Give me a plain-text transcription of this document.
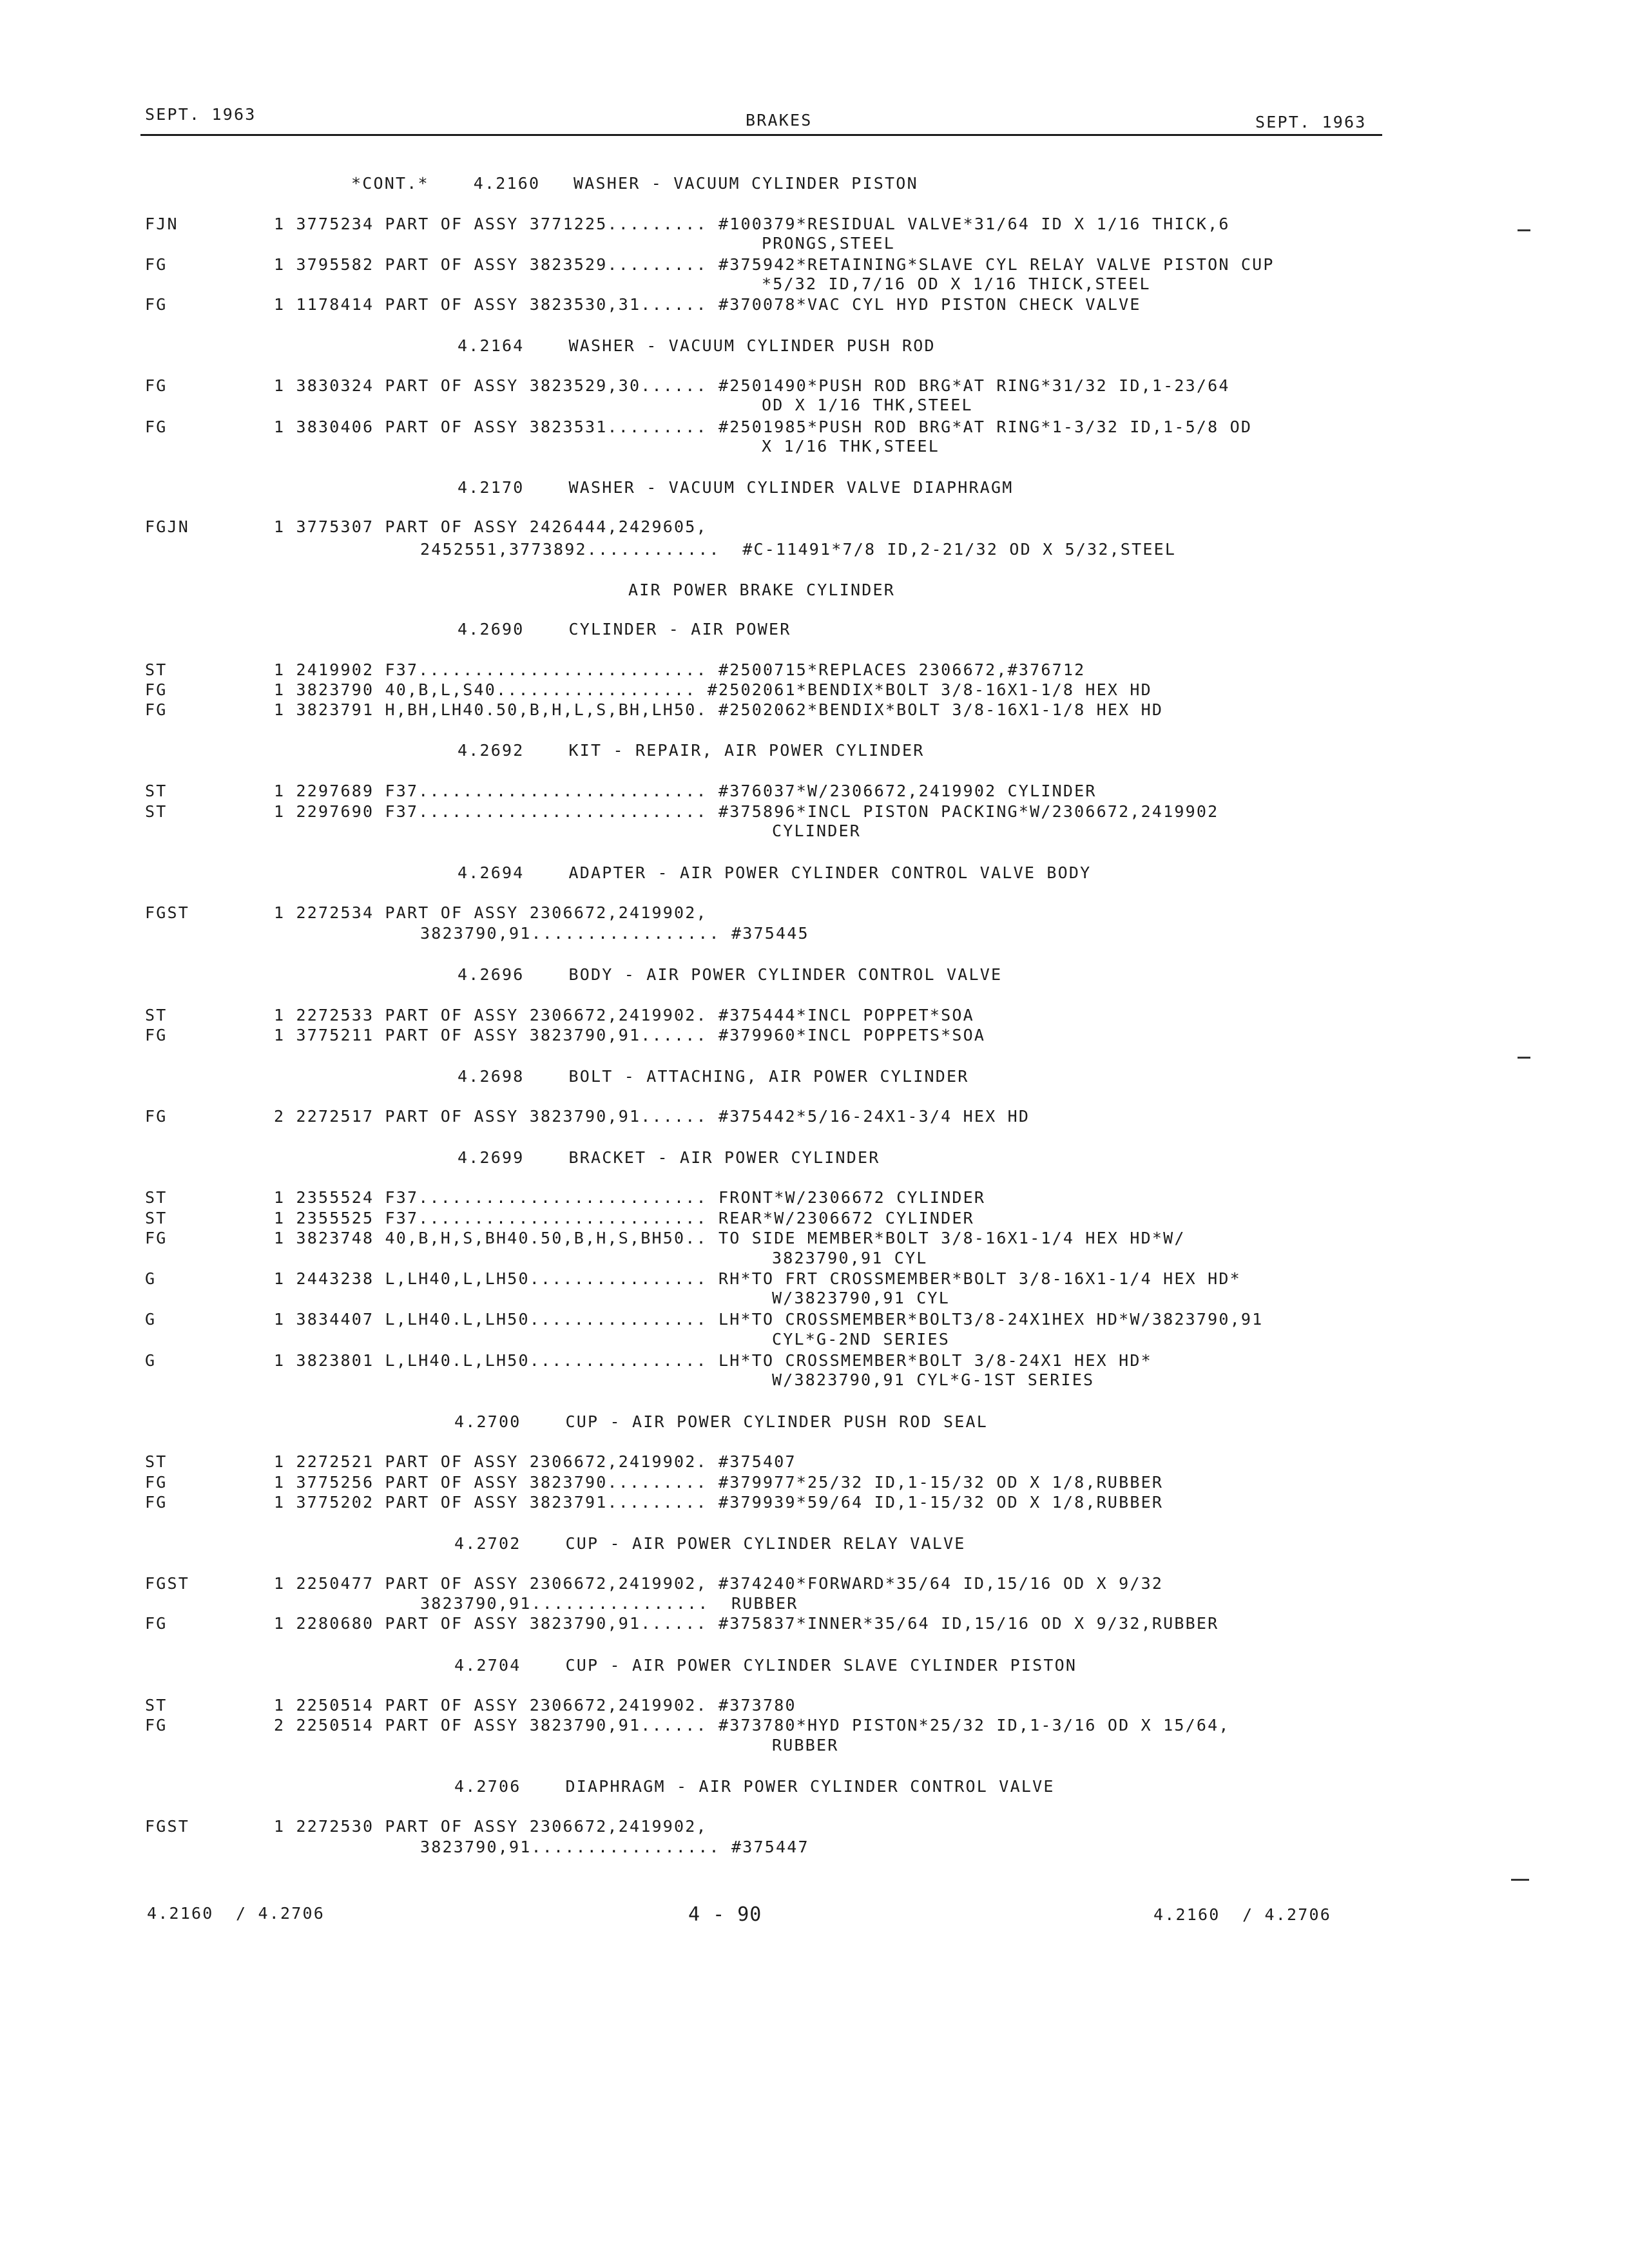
SEPT. 1963	BRAKES	SEPT. 1963
*CONT.*    4.2160   WASHER - VACUUM CYLINDER PISTON
FJN	1 3775234 PART OF ASSY 3771225......... #100379*RESIDUAL VALVE*31/64 ID X 1/16 THICK,6
PRONGS,STEEL
FG	1 3795582 PART OF ASSY 3823529......... #375942*RETAINING*SLAVE CYL RELAY VALVE PISTON CUP
*5/32 ID,7/16 OD X 1/16 THICK,STEEL
FG	1 1178414 PART OF ASSY 3823530,31...... #370078*VAC CYL HYD PISTON CHECK VALVE
4.2164    WASHER - VACUUM CYLINDER PUSH ROD
FG	1 3830324 PART OF ASSY 3823529,30...... #2501490*PUSH ROD BRG*AT RING*31/32 ID,1-23/64
OD X 1/16 THK,STEEL
FG	1 3830406 PART OF ASSY 3823531......... #2501985*PUSH ROD BRG*AT RING*1-3/32 ID,1-5/8 OD
X 1/16 THK,STEEL
4.2170    WASHER - VACUUM CYLINDER VALVE DIAPHRAGM
FGJN	1 3775307 PART OF ASSY 2426444,2429605,
2452551,3773892............  #C-11491*7/8 ID,2-21/32 OD X 5/32,STEEL
AIR POWER BRAKE CYLINDER
4.2690    CYLINDER - AIR POWER
ST	1 2419902 F37.......................... #2500715*REPLACES 2306672,#376712
FG	1 3823790 40,B,L,S40.................. #2502061*BENDIX*BOLT 3/8-16X1-1/8 HEX HD
FG	1 3823791 H,BH,LH40.50,B,H,L,S,BH,LH50. #2502062*BENDIX*BOLT 3/8-16X1-1/8 HEX HD
4.2692    KIT - REPAIR, AIR POWER CYLINDER
ST	1 2297689 F37.......................... #376037*W/2306672,2419902 CYLINDER
ST	1 2297690 F37.......................... #375896*INCL PISTON PACKING*W/2306672,2419902
CYLINDER
4.2694    ADAPTER - AIR POWER CYLINDER CONTROL VALVE BODY
FGST	1 2272534 PART OF ASSY 2306672,2419902,
3823790,91................. #375445
4.2696    BODY - AIR POWER CYLINDER CONTROL VALVE
ST	1 2272533 PART OF ASSY 2306672,2419902. #375444*INCL POPPET*SOA
FG	1 3775211 PART OF ASSY 3823790,91...... #379960*INCL POPPETS*SOA
4.2698    BOLT - ATTACHING, AIR POWER CYLINDER
FG	2 2272517 PART OF ASSY 3823790,91...... #375442*5/16-24X1-3/4 HEX HD
4.2699    BRACKET - AIR POWER CYLINDER
ST	1 2355524 F37.......................... FRONT*W/2306672 CYLINDER
ST	1 2355525 F37.......................... REAR*W/2306672 CYLINDER
FG	1 3823748 40,B,H,S,BH40.50,B,H,S,BH50.. TO SIDE MEMBER*BOLT 3/8-16X1-1/4 HEX HD*W/
3823790,91 CYL
G	1 2443238 L,LH40,L,LH50................ RH*TO FRT CROSSMEMBER*BOLT 3/8-16X1-1/4 HEX HD*
W/3823790,91 CYL
G	1 3834407 L,LH40.L,LH50................ LH*TO CROSSMEMBER*BOLT3/8-24X1HEX HD*W/3823790,91
CYL*G-2ND SERIES
G	1 3823801 L,LH40.L,LH50................ LH*TO CROSSMEMBER*BOLT 3/8-24X1 HEX HD*
W/3823790,91 CYL*G-1ST SERIES
4.2700    CUP - AIR POWER CYLINDER PUSH ROD SEAL
ST	1 2272521 PART OF ASSY 2306672,2419902. #375407
FG	1 3775256 PART OF ASSY 3823790......... #379977*25/32 ID,1-15/32 OD X 1/8,RUBBER
FG	1 3775202 PART OF ASSY 3823791......... #379939*59/64 ID,1-15/32 OD X 1/8,RUBBER
4.2702    CUP - AIR POWER CYLINDER RELAY VALVE
FGST	1 2250477 PART OF ASSY 2306672,2419902, #374240*FORWARD*35/64 ID,15/16 OD X 9/32
3823790,91................  RUBBER
FG	1 2280680 PART OF ASSY 3823790,91...... #375837*INNER*35/64 ID,15/16 OD X 9/32,RUBBER
4.2704    CUP - AIR POWER CYLINDER SLAVE CYLINDER PISTON
ST	1 2250514 PART OF ASSY 2306672,2419902. #373780
FG	2 2250514 PART OF ASSY 3823790,91...... #373780*HYD PISTON*25/32 ID,1-3/16 OD X 15/64,
RUBBER
4.2706    DIAPHRAGM - AIR POWER CYLINDER CONTROL VALVE
FGST	1 2272530 PART OF ASSY 2306672,2419902,
3823790,91................. #375447
4.2160  / 4.2706	4 - 90	4.2160  / 4.2706
